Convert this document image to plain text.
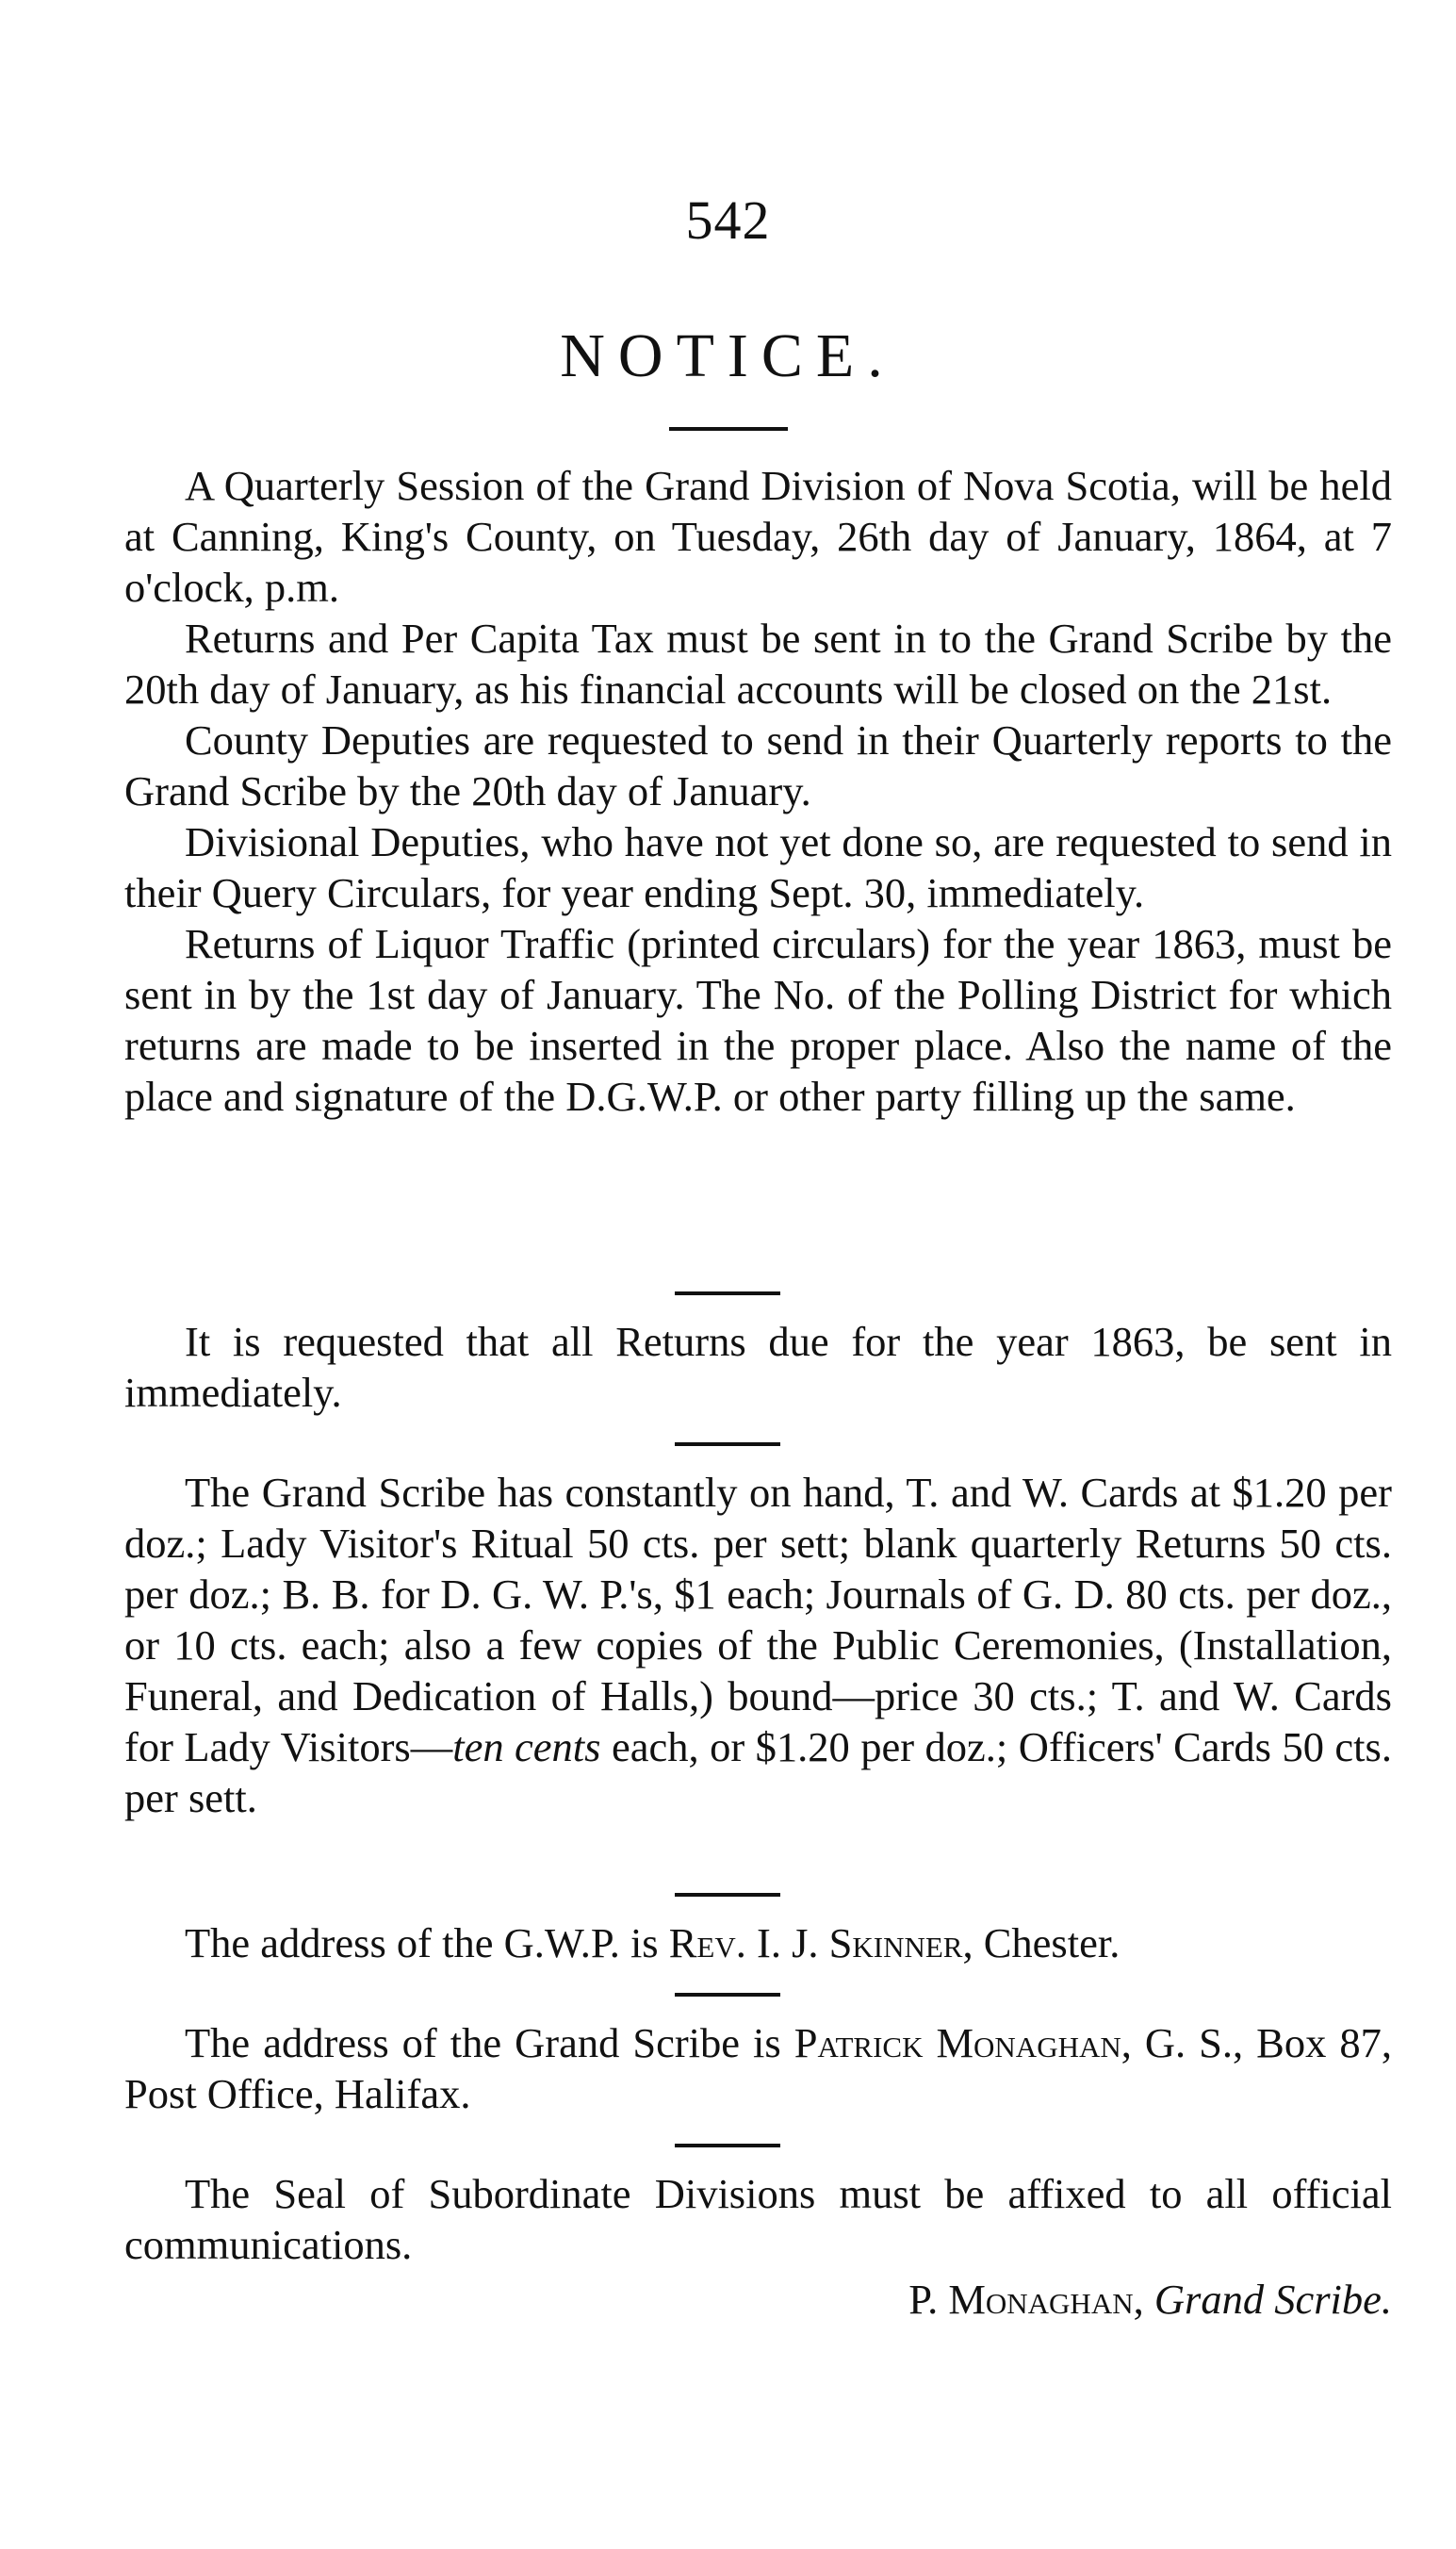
542
NOTICE.

A Quarterly Session of the Grand Division of Nova Scotia, will be held at Canning, King's County, on Tuesday, 26th day of January, 1864, at 7 o'clock, p.m.

Returns and Per Capita Tax must be sent in to the Grand Scribe by the 20th day of January, as his financial accounts will be closed on the 21st.

County Deputies are requested to send in their Quarterly reports to the Grand Scribe by the 20th day of January.

Divisional Deputies, who have not yet done so, are requested to send in their Query Circulars, for year ending Sept. 30, immediately.

Returns of Liquor Traffic (printed circulars) for the year 1863, must be sent in by the 1st day of January. The No. of the Polling District for which returns are made to be inserted in the proper place. Also the name of the place and signature of the D.G.W.P. or other party filling up the same.

It is requested that all Returns due for the year 1863, be sent in immediately.

The Grand Scribe has constantly on hand, T. and W. Cards at $1.20 per doz.; Lady Visitor's Ritual 50 cts. per sett; blank quarterly Returns 50 cts. per doz.; B. B. for D. G. W. P.'s, $1 each; Journals of G. D. 80 cts. per doz., or 10 cts. each; also a few copies of the Public Ceremonies, (Installation, Funeral, and Dedication of Halls,) bound—price 30 cts.; T. and W. Cards for Lady Visitors—ten cents each, or $1.20 per doz.; Officers' Cards 50 cts. per sett.

The address of the G.W.P. is Rev. I. J. Skinner, Chester.

The address of the Grand Scribe is Patrick Monaghan, G. S., Box 87, Post Office, Halifax.

The Seal of Subordinate Divisions must be affixed to all official communications.

P. Monaghan, Grand Scribe.
